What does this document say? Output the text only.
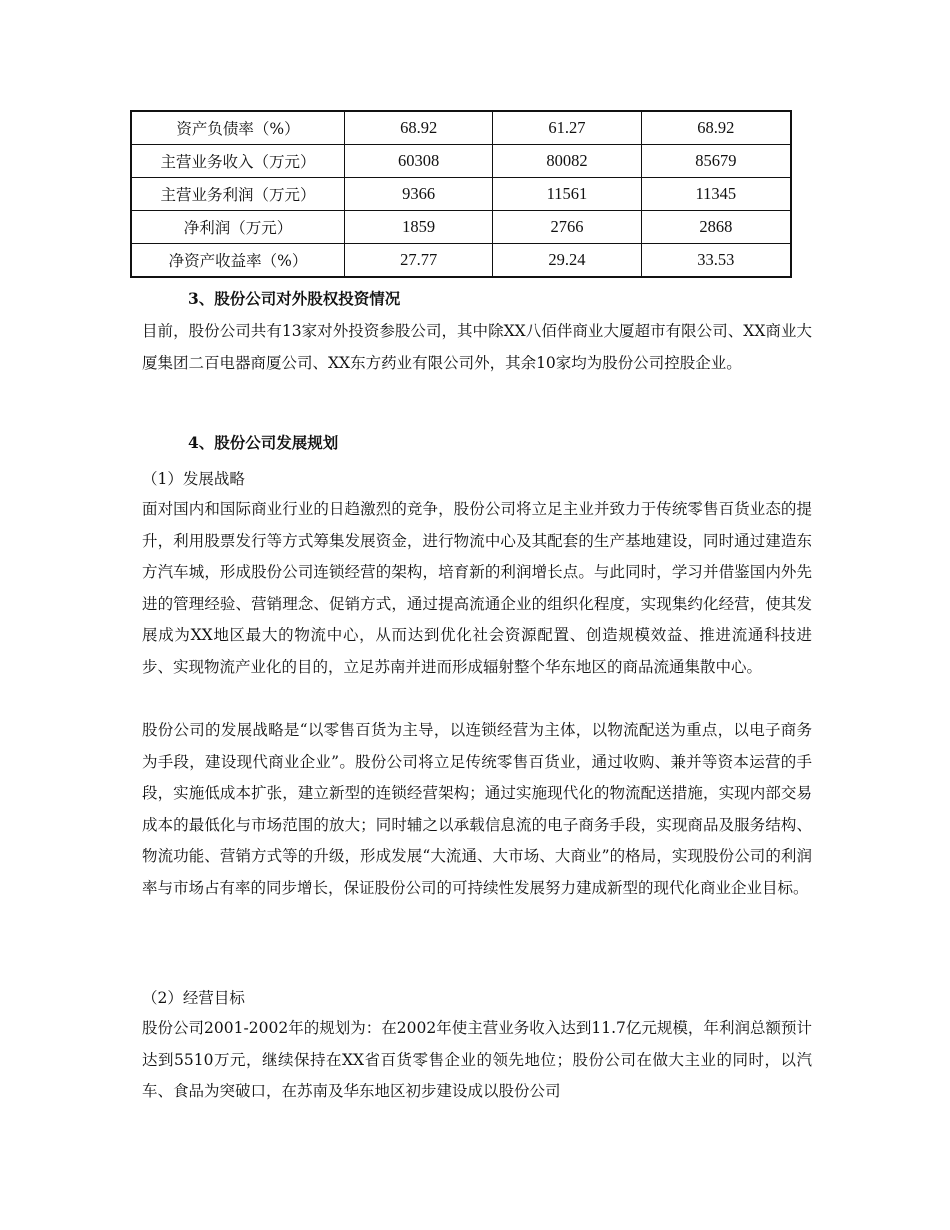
资产负债率（%）	68.92	61.27	68.92
主营业务收入（万元）	60308	80082	85679
主营业务利润（万元）	9366	11561	11345
净利润（万元）	1859	2766	2868
净资产收益率（%）	27.77	29.24	33.53
3、股份公司对外股权投资情况
目前，股份公司共有13家对外投资参股公司，其中除XX八佰伴商业大厦超市有限公司、XX商业大厦集团二百电器商厦公司、XX东方药业有限公司外，其余10家均为股份公司控股企业。
4、股份公司发展规划
（1）发展战略
面对国内和国际商业行业的日趋激烈的竞争，股份公司将立足主业并致力于传统零售百货业态的提升，利用股票发行等方式筹集发展资金，进行物流中心及其配套的生产基地建设，同时通过建造东方汽车城，形成股份公司连锁经营的架构，培育新的利润增长点。与此同时，学习并借鉴国内外先进的管理经验、营销理念、促销方式，通过提高流通企业的组织化程度，实现集约化经营，使其发展成为XX地区最大的物流中心，从而达到优化社会资源配置、创造规模效益、推进流通科技进步、实现物流产业化的目的，立足苏南并进而形成辐射整个华东地区的商品流通集散中心。
股份公司的发展战略是“以零售百货为主导，以连锁经营为主体，以物流配送为重点，以电子商务为手段，建设现代商业企业”。股份公司将立足传统零售百货业，通过收购、兼并等资本运营的手段，实施低成本扩张，建立新型的连锁经营架构；通过实施现代化的物流配送措施，实现内部交易成本的最低化与市场范围的放大；同时辅之以承载信息流的电子商务手段，实现商品及服务结构、物流功能、营销方式等的升级，形成发展“大流通、大市场、大商业”的格局，实现股份公司的利润率与市场占有率的同步增长，保证股份公司的可持续性发展努力建成新型的现代化商业企业目标。
（2）经营目标
股份公司2001-2002年的规划为：在2002年使主营业务收入达到11.7亿元规模，年利润总额预计达到5510万元，继续保持在XX省百货零售企业的领先地位；股份公司在做大主业的同时，以汽车、食品为突破口，在苏南及华东地区初步建设成以股份公司
